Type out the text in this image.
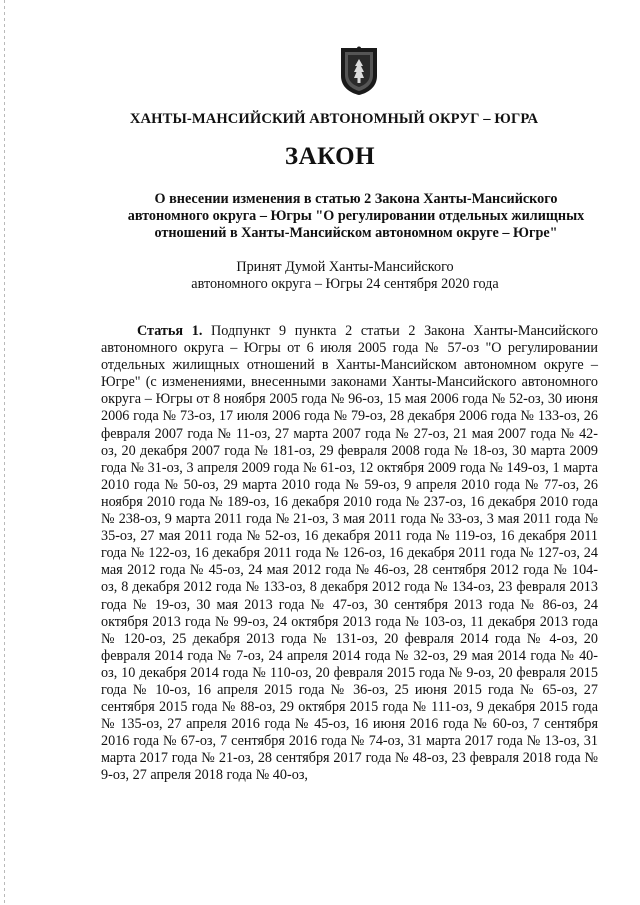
ХАНТЫ-МАНСИЙСКИЙ АВТОНОМНЫЙ ОКРУГ – ЮГРА
ЗАКОН
О внесении изменения в статью 2 Закона Ханты-Мансийского
автономного округа – Югры "О регулировании отдельных жилищных
отношений в Ханты-Мансийском автономном округе – Югре"
Принят Думой Ханты-Мансийского
автономного округа – Югры 24 сентября 2020 года

Статья 1. Подпункт 9 пункта 2 статьи 2 Закона Ханты-Мансийского автономного округа – Югры от 6 июля 2005 года № 57-оз "О регулировании отдельных жилищных отношений в Ханты-Мансийском автономном округе – Югре" (с изменениями, внесенными законами Ханты-Мансийского автономного округа – Югры от 8 ноября 2005 года № 96-оз, 15 мая 2006 года № 52-оз, 30 июня 2006 года № 73-оз, 17 июля 2006 года № 79-оз, 28 декабря 2006 года № 133-оз, 26 февраля 2007 года № 11-оз, 27 марта 2007 года № 27-оз, 21 мая 2007 года № 42-оз, 20 декабря 2007 года № 181-оз, 29 февраля 2008 года № 18-оз, 30 марта 2009 года № 31-оз, 3 апреля 2009 года № 61-оз, 12 октября 2009 года № 149-оз, 1 марта 2010 года № 50-оз, 29 марта 2010 года № 59-оз, 9 апреля 2010 года № 77-оз, 26 ноября 2010 года № 189-оз, 16 декабря 2010 года № 237-оз, 16 декабря 2010 года № 238-оз, 9 марта 2011 года № 21-оз, 3 мая 2011 года № 33-оз, 3 мая 2011 года № 35-оз, 27 мая 2011 года № 52-оз, 16 декабря 2011 года № 119-оз, 16 декабря 2011 года № 122-оз, 16 декабря 2011 года № 126-оз, 16 декабря 2011 года № 127-оз, 24 мая 2012 года № 45-оз, 24 мая 2012 года № 46-оз, 28 сентября 2012 года № 104-оз, 8 декабря 2012 года № 133-оз, 8 декабря 2012 года № 134-оз, 23 февраля 2013 года № 19-оз, 30 мая 2013 года № 47-оз, 30 сентября 2013 года № 86-оз, 24 октября 2013 года № 99-оз, 24 октября 2013 года № 103-оз, 11 декабря 2013 года № 120-оз, 25 декабря 2013 года № 131-оз, 20 февраля 2014 года № 4-оз, 20 февраля 2014 года № 7-оз, 24 апреля 2014 года № 32-оз, 29 мая 2014 года № 40-оз, 10 декабря 2014 года № 110-оз, 20 февраля 2015 года № 9-оз, 20 февраля 2015 года № 10-оз, 16 апреля 2015 года № 36-оз, 25 июня 2015 года № 65-оз, 27 сентября 2015 года № 88-оз, 29 октября 2015 года № 111-оз, 9 декабря 2015 года № 135-оз, 27 апреля 2016 года № 45-оз, 16 июня 2016 года № 60-оз, 7 сентября 2016 года № 67-оз, 7 сентября 2016 года № 74-оз, 31 марта 2017 года № 13-оз, 31 марта 2017 года № 21-оз, 28 сентября 2017 года № 48-оз, 23 февраля 2018 года № 9-оз, 27 апреля 2018 года № 40-оз,
